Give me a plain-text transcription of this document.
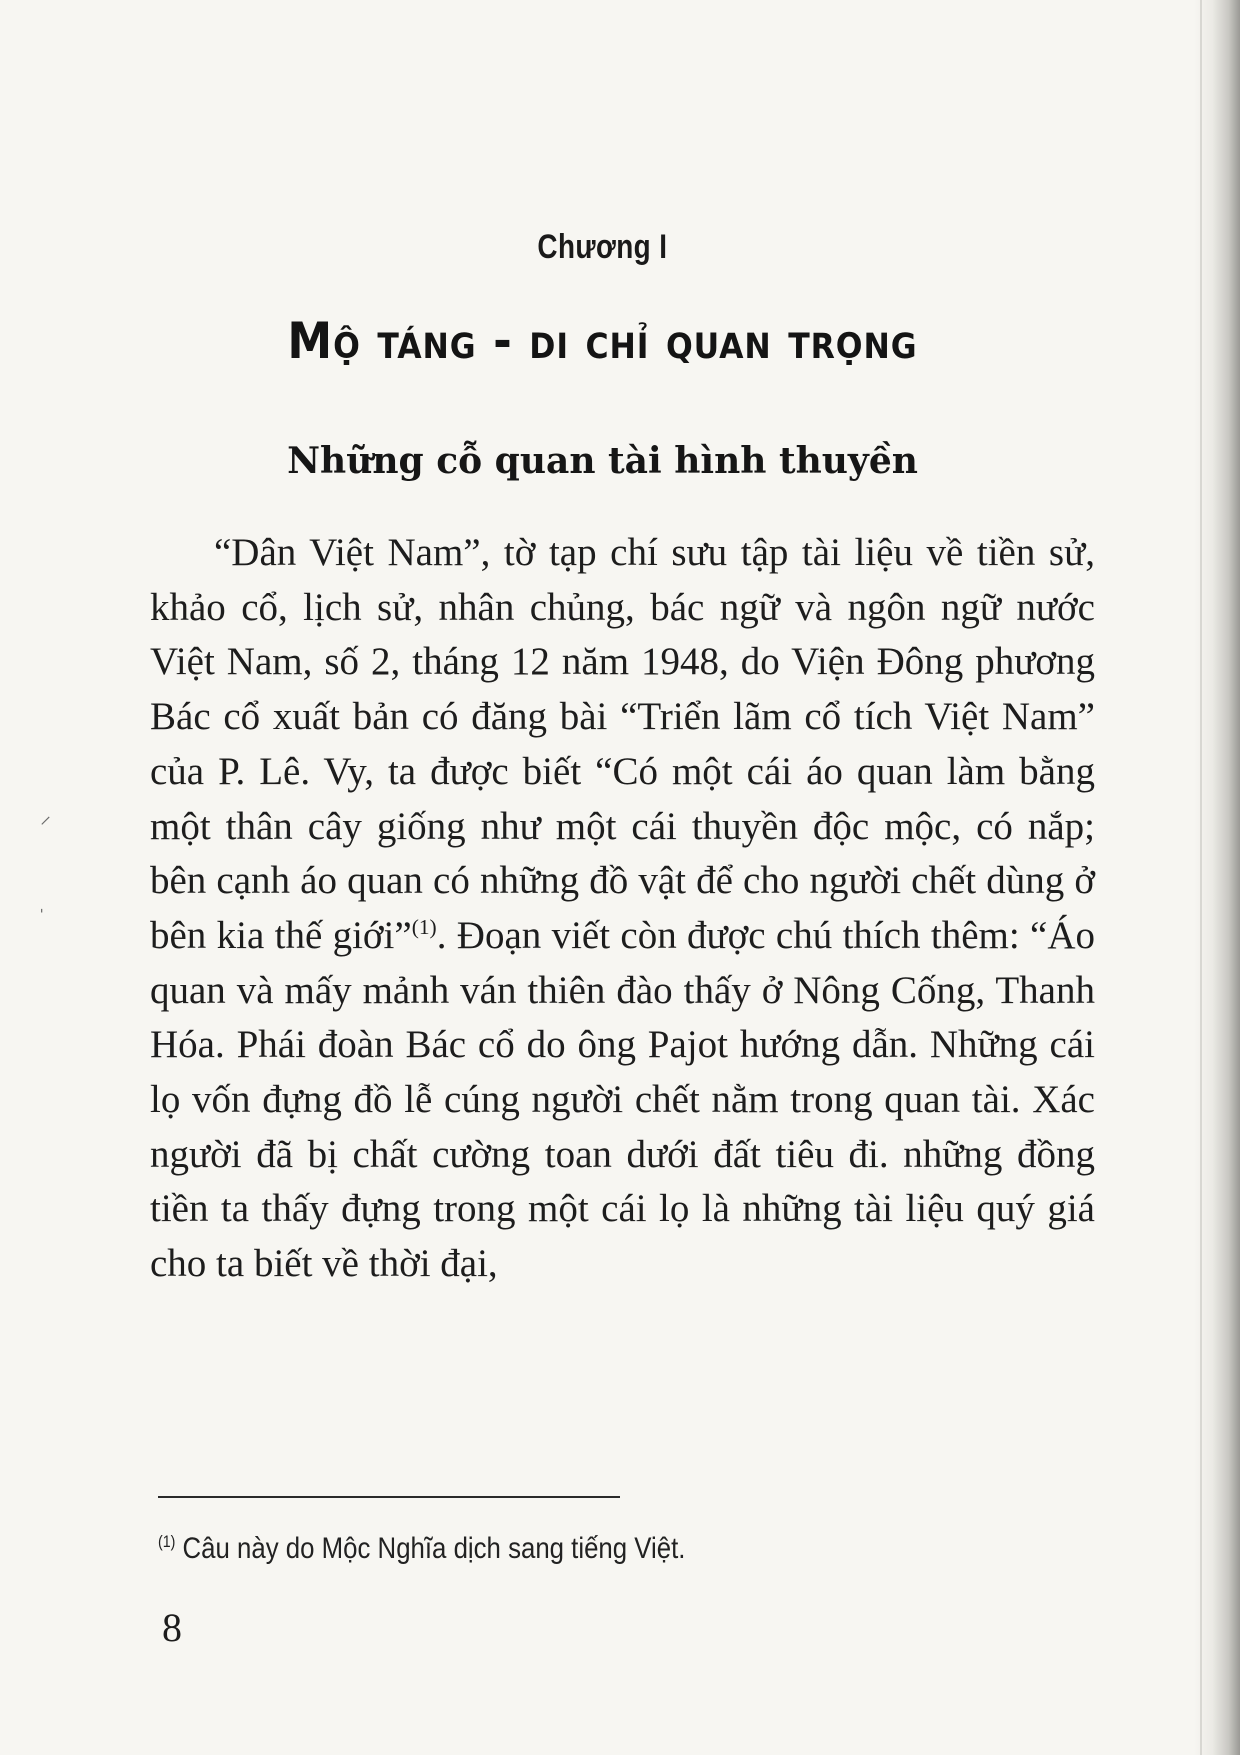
Chương I
Mộ táng - di chỉ quan trọng
Những cỗ quan tài hình thuyền

“Dân Việt Nam”, tờ tạp chí sưu tập tài liệu về tiền sử, khảo cổ, lịch sử, nhân chủng, bác ngữ và ngôn ngữ nước Việt Nam, số 2, tháng 12 năm 1948, do Viện Đông phương Bác cổ xuất bản có đăng bài “Triển lãm cổ tích Việt Nam” của P. Lê. Vy, ta được biết “Có một cái áo quan làm bằng một thân cây giống như một cái thuyền độc mộc, có nắp; bên cạnh áo quan có những đồ vật để cho người chết dùng ở bên kia thế giới”$^{(1)}$. Đoạn viết còn được chú thích thêm: “Áo quan và mấy mảnh ván thiên đào thấy ở Nông Cống, Thanh Hóa. Phái đoàn Bác cổ do ông Pajot hướng dẫn. Những cái lọ vốn đựng đồ lễ cúng người chết nằm trong quan tài. Xác người đã bị chất cường toan dưới đất tiêu đi. những đồng tiền ta thấy đựng trong một cái lọ là những tài liệu quý giá cho ta biết về thời đại,

⸝
ˈ
$^{(1)}$ Câu này do Mộc Nghĩa dịch sang tiếng Việt.
8
